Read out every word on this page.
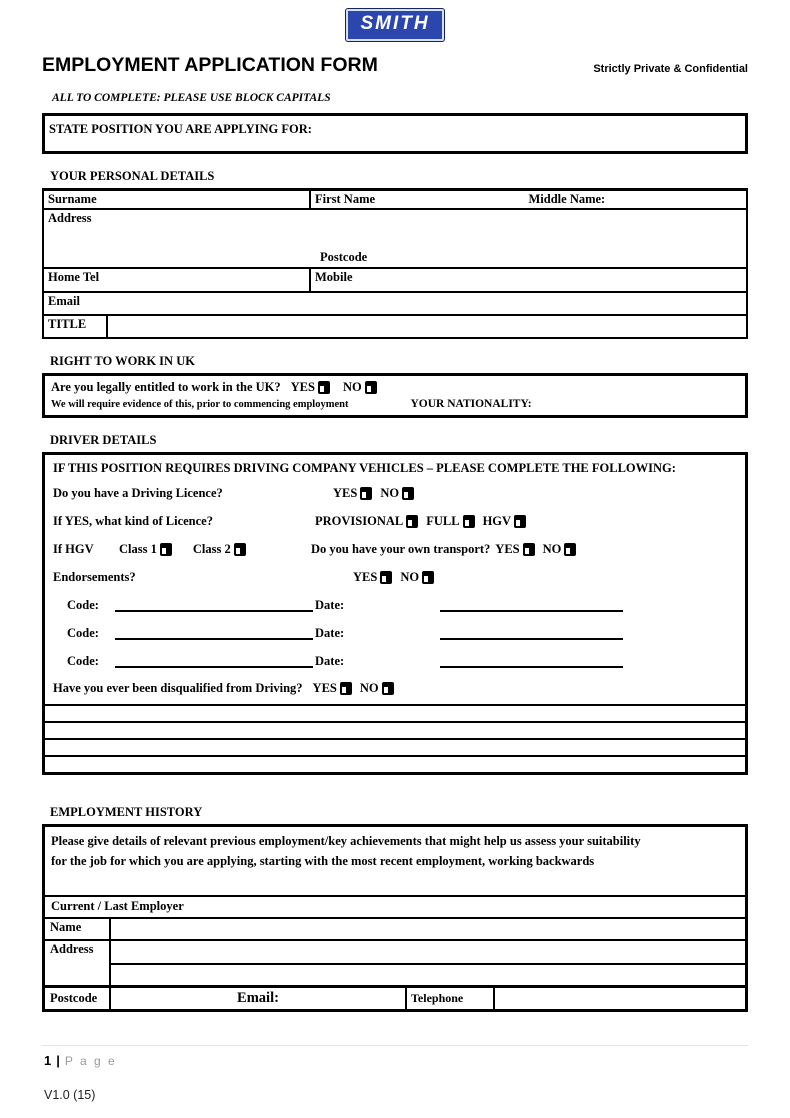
SMITH
EMPLOYMENT APPLICATION FORM	Strictly Private & Confidential
ALL TO COMPLETE: PLEASE USE BLOCK CAPITALS
STATE POSITION YOU ARE APPLYING FOR:
YOUR PERSONAL DETAILS
Surname	First Name	Middle Name:
Address
Postcode
Home Tel	Mobile
Email
TITLE
RIGHT TO WORK IN UK
Are you legally entitled to work in the UK? YES NO
We will require evidence of this, prior to commencing employment	YOUR NATIONALITY:
DRIVER DETAILS
IF THIS POSITION REQUIRES DRIVING COMPANY VEHICLES – PLEASE COMPLETE THE FOLLOWING:
Do you have a Driving Licence?	YES NO
If YES, what kind of Licence?	PROVISIONAL FULL HGV
If HGV	Class 1	Class 2	Do you have your own transport? YES NO
Endorsements?	YES NO
Code:	Date:
Code:	Date:
Code:	Date:
Have you ever been disqualified from Driving? YES NO
EMPLOYMENT HISTORY
Please give details of relevant previous employment/key achievements that might help us assess your suitability
for the job for which you are applying, starting with the most recent employment, working backwards
Current / Last Employer
Name
Address
Postcode	Email:	Telephone
1 | P a g e
V1.0 (15)
